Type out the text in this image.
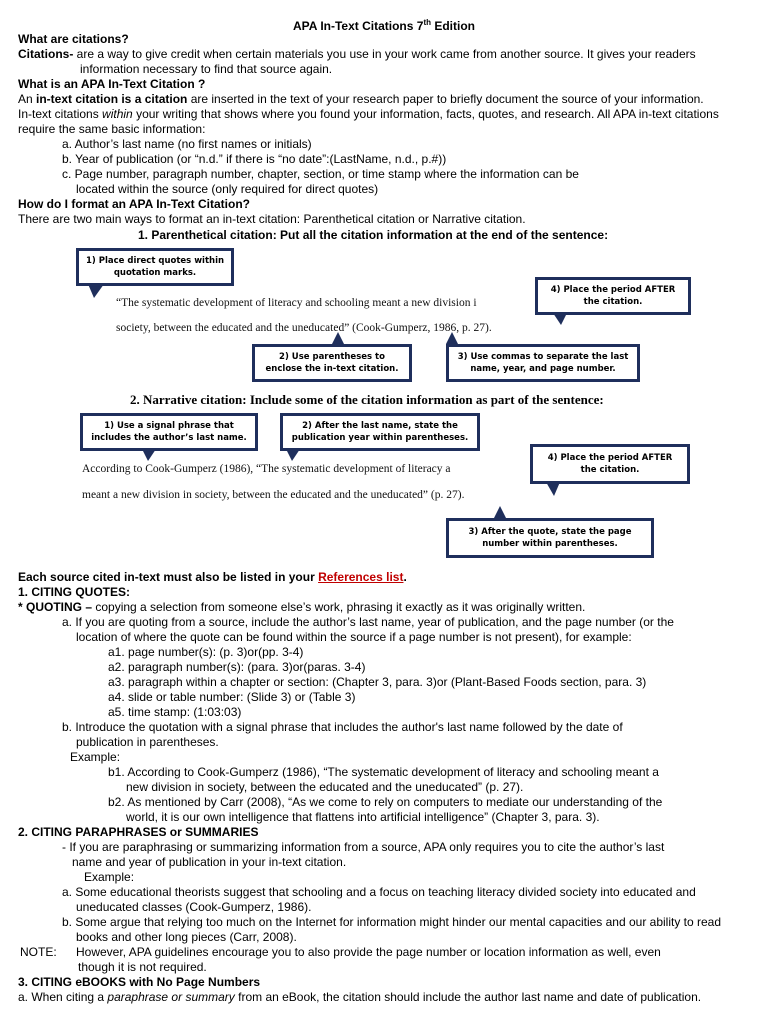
APA In-Text Citations 7th Edition
What are citations?
Citations- are a way to give credit when certain materials you use in your work came from another source. It gives your readers
information necessary to find that source again.
What is an APA In-Text Citation ?
An in-text citation is a citation are inserted in the text of your research paper to briefly document the source of your information.
In-text citations within your writing that shows where you found your information, facts, quotes, and research. All APA in-text citations
require the same basic information:
a. Author’s last name (no first names or initials)
b. Year of publication (or “n.d.” if there is “no date”:(LastName, n.d., p.#))
c. Page number, paragraph number, chapter, section, or time stamp where the information can be
located within the source (only required for direct quotes)
How do I format an APA In-Text Citation?
There are two main ways to format an in-text citation: Parenthetical citation or Narrative citation.
1. Parenthetical citation: Put all the citation information at the end of the sentence:
“The systematic development of literacy and schooling meant a new division i
society, between the educated and the uneducated” (Cook-Gumperz, 1986, p. 27).
1) Place direct quotes within quotation marks.
4) Place the period AFTER the citation.
2) Use parentheses to enclose the in-text citation.
3) Use commas to separate the last name, year, and page number.
2. Narrative citation: Include some of the citation information as part of the sentence:
According to Cook-Gumperz (1986), “The systematic development of literacy a
meant a new division in society, between the educated and the uneducated” (p. 27).
1) Use a signal phrase that includes the author’s last name.
2) After the last name, state the publication year within parentheses.
4) Place the period AFTER the citation.
3) After the quote, state the page number within parentheses.
Each source cited in-text must also be listed in your References list.
1. CITING QUOTES:
* QUOTING – copying a selection from someone else’s work, phrasing it exactly as it was originally written.
a. If you are quoting from a source, include the author’s last name, year of publication, and the page number (or the
location of where the quote can be found within the source if a page number is not present), for example:
a1. page number(s): (p. 3)or(pp. 3-4)
a2. paragraph number(s): (para. 3)or(paras. 3-4)
a3. paragraph within a chapter or section: (Chapter 3, para. 3)or (Plant-Based Foods section, para. 3)
a4. slide or table number: (Slide 3) or (Table 3)
a5. time stamp: (1:03:03)
b. Introduce the quotation with a signal phrase that includes the author's last name followed by the date of
publication in parentheses.
Example:
b1. According to Cook-Gumperz (1986), “The systematic development of literacy and schooling meant a
new division in society, between the educated and the uneducated” (p. 27).
b2. As mentioned by Carr (2008), “As we come to rely on computers to mediate our understanding of the
world, it is our own intelligence that flattens into artificial intelligence” (Chapter 3, para. 3).
2. CITING PARAPHRASES or SUMMARIES
- If you are paraphrasing or summarizing information from a source, APA only requires you to cite the author’s last
name and year of publication in your in-text citation.
Example:
a. Some educational theorists suggest that schooling and a focus on teaching literacy divided society into educated and
uneducated classes (Cook-Gumperz, 1986).
b. Some argue that relying too much on the Internet for information might hinder our mental capacities and our ability to read
books and other long pieces (Carr, 2008).
NOTE: However, APA guidelines encourage you to also provide the page number or location information as well, even
though it is not required.
3. CITING eBOOKS with No Page Numbers
a. When citing a paraphrase or summary from an eBook, the citation should include the author last name and date of publication.
